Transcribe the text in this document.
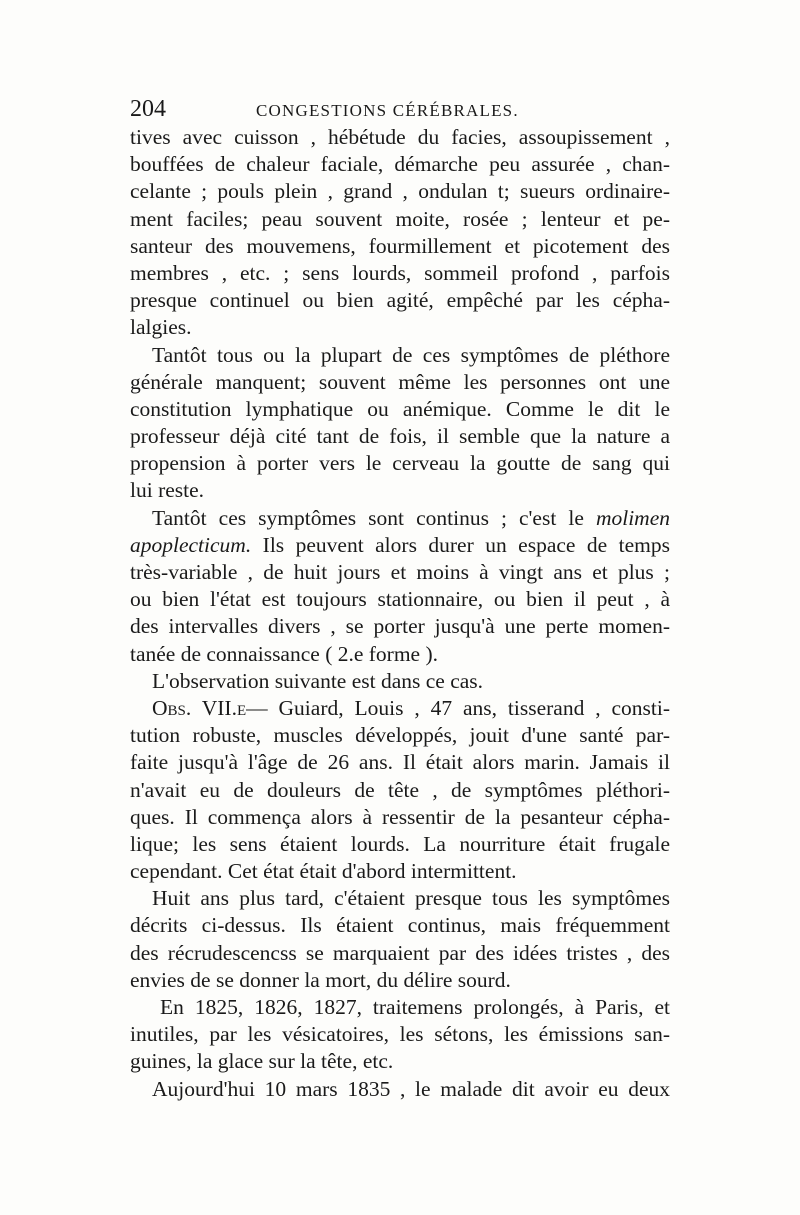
204	CONGESTIONS CÉRÉBRALES.
tives avec cuisson , hébétude du facies, assoupissement ,
bouffées de chaleur faciale, démarche peu assurée , chan-
celante ; pouls plein , grand , ondulan t; sueurs ordinaire-
ment faciles; peau souvent moite, rosée ; lenteur et pe-
santeur des mouvemens, fourmillement et picotement des
membres , etc. ; sens lourds, sommeil profond , parfois
presque continuel ou bien agité, empêché par les cépha-
lalgies.
Tantôt tous ou la plupart de ces symptômes de pléthore
générale manquent; souvent même les personnes ont une
constitution lymphatique ou anémique. Comme le dit le
professeur déjà cité tant de fois, il semble que la nature a
propension à porter vers le cerveau la goutte de sang qui
lui reste.
Tantôt ces symptômes sont continus ; c'est le molimen
apoplecticum. Ils peuvent alors durer un espace de temps
très-variable , de huit jours et moins à vingt ans et plus ;
ou bien l'état est toujours stationnaire, ou bien il peut , à
des intervalles divers , se porter jusqu'à une perte momen-
tanée de connaissance ( 2.e forme ).
L'observation suivante est dans ce cas.
Obs. VII.e— Guiard, Louis , 47 ans, tisserand , consti-
tution robuste, muscles développés, jouit d'une santé par-
faite jusqu'à l'âge de 26 ans. Il était alors marin. Jamais il
n'avait eu de douleurs de tête , de symptômes pléthori-
ques. Il commença alors à ressentir de la pesanteur cépha-
lique; les sens étaient lourds. La nourriture était frugale
cependant. Cet état était d'abord intermittent.
Huit ans plus tard, c'étaient presque tous les symptômes
décrits ci-dessus. Ils étaient continus, mais fréquemment
des récrudescencss se marquaient par des idées tristes , des
envies de se donner la mort, du délire sourd.
En 1825, 1826, 1827, traitemens prolongés, à Paris, et
inutiles, par les vésicatoires, les sétons, les émissions san-
guines, la glace sur la tête, etc.
Aujourd'hui 10 mars 1835 , le malade dit avoir eu deux
